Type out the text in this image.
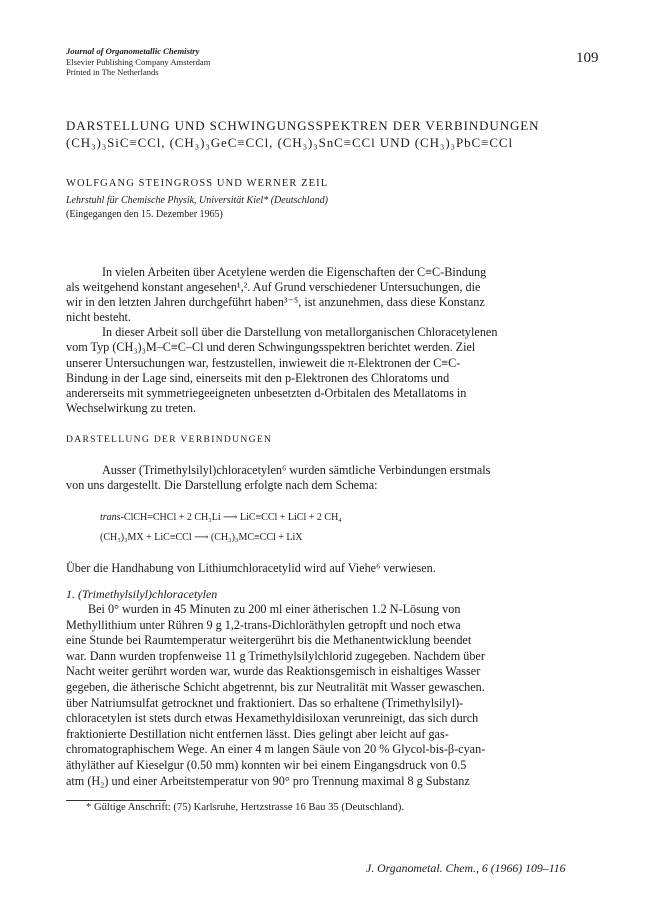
Journal of Organometallic Chemistry
Elsevier Publishing Company Amsterdam
Printed in The Netherlands
109
DARSTELLUNG UND SCHWINGUNGSSPEKTREN DER VERBINDUNGEN
(CH₃)₃SiC≡CCl, (CH₃)₃GeC≡CCl, (CH₃)₃SnC≡CCl UND (CH₃)₃PbC≡CCl
WOLFGANG STEINGROSS UND WERNER ZEIL
Lehrstuhl für Chemische Physik, Universität Kiel* (Deutschland)
(Eingegangen den 15. Dezember 1965)
In vielen Arbeiten über Acetylene werden die Eigenschaften der C≡C-Bindung
als weitgehend konstant angesehen¹,². Auf Grund verschiedener Untersuchungen, die
wir in den letzten Jahren durchgeführt haben³⁻⁵, ist anzunehmen, dass diese Konstanz
nicht besteht.
In dieser Arbeit soll über die Darstellung von metallorganischen Chloracetylenen
vom Typ (CH₃)₃M–C≡C–Cl und deren Schwingungsspektren berichtet werden. Ziel
unserer Untersuchungen war, festzustellen, inwieweit die π-Elektronen der C≡C-
Bindung in der Lage sind, einerseits mit den p-Elektronen des Chloratoms und
andererseits mit symmetriegeeigneten unbesetzten d-Orbitalen des Metallatoms in
Wechselwirkung zu treten.
DARSTELLUNG DER VERBINDUNGEN
Ausser (Trimethylsilyl)chloracetylen⁶ wurden sämtliche Verbindungen erstmals
von uns dargestellt. Die Darstellung erfolgte nach dem Schema:
trans-ClCH=CHCl + 2 CH₃Li ⟶ LiC≡CCl + LiCl + 2 CH₄
(CH₃)₃MX + LiC≡CCl ⟶ (CH₃)₃MC≡CCl + LiX
Über die Handhabung von Lithiumchloracetylid wird auf Viehe⁶ verwiesen.
1. (Trimethylsilyl)chloracetylen
Bei 0° wurden in 45 Minuten zu 200 ml einer ätherischen 1.2 N-Lösung von
Methyllithium unter Rühren 9 g 1,2-trans-Dichloräthylen getropft und noch etwa
eine Stunde bei Raumtemperatur weitergerührt bis die Methanentwicklung beendet
war. Dann wurden tropfenweise 11 g Trimethylsilylchlorid zugegeben. Nachdem über
Nacht weiter gerührt worden war, wurde das Reaktionsgemisch in eishaltiges Wasser
gegeben, die ätherische Schicht abgetrennt, bis zur Neutralität mit Wasser gewaschen.
über Natriumsulfat getrocknet und fraktioniert. Das so erhaltene (Trimethylsilyl)-
chloracetylen ist stets durch etwas Hexamethyldisiloxan verunreinigt, das sich durch
fraktionierte Destillation nicht entfernen lässt. Dies gelingt aber leicht auf gas-
chromatographischem Wege. An einer 4 m langen Säule von 20 % Glycol-bis-β-cyan-
äthyläther auf Kieselgur (0.50 mm) konnten wir bei einem Eingangsdruck von 0.5
atm (H₂) und einer Arbeitstemperatur von 90° pro Trennung maximal 8 g Substanz
* Gültige Anschrift: (75) Karlsruhe, Hertzstrasse 16 Bau 35 (Deutschland).
J. Organometal. Chem., 6 (1966) 109–116
